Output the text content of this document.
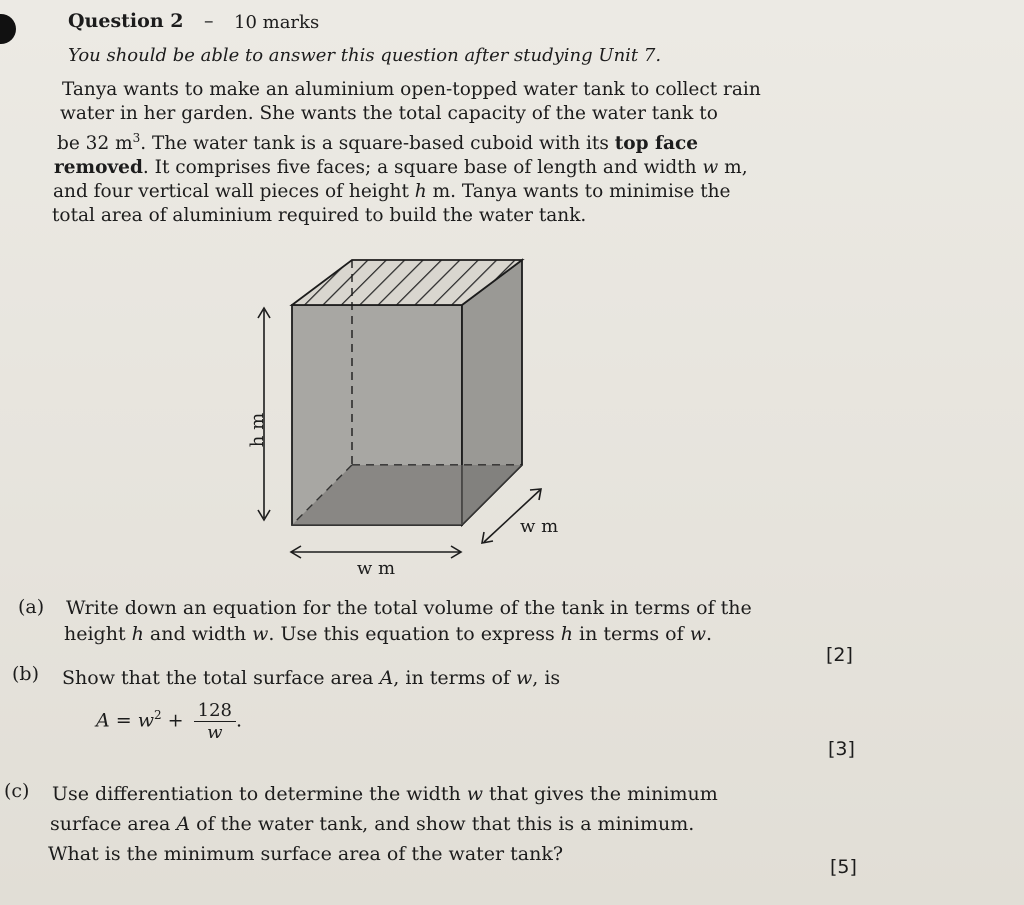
Question 2 – 10 marks
You should be able to answer this question after studying Unit 7.
Tanya wants to make an aluminium open-topped water tank to collect rain
water in her garden. She wants the total capacity of the water tank to
be 32 $m^3$. The water tank is a square-based cuboid with its top face
removed. It comprises five faces; a square base of length and width w m,
and four vertical wall pieces of height h m. Tanya wants to minimise the
total area of aluminium required to build the water tank.
h m
w m
w m
(a) Write down an equation for the total volume of the tank in terms of the
height h and width w. Use this equation to express h in terms of w.
[2]
(b) Show that the total surface area A, in terms of w, is
$A = w^2 + \frac{128}{w}$ .
[3]
(c) Use differentiation to determine the width w that gives the minimum
surface area A of the water tank, and show that this is a minimum.
What is the minimum surface area of the water tank?
[5]
